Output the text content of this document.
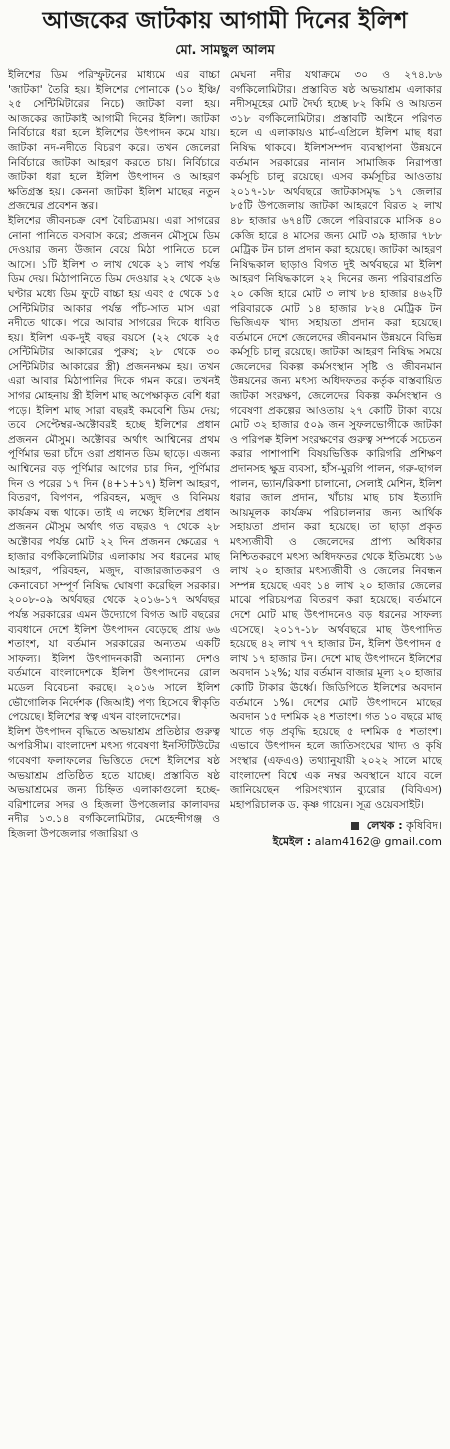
আজকের জাটকায় আগামী দিনের ইলিশ
মো. সামছুল আলম

ইলিশের ডিম পরিস্ফুটনের মাধ্যমে এর বাচ্চা 'জাটকা' তৈরি হয়। ইলিশের পোনাকে (১০ ইঞ্চি/২৫ সেন্টিমিটারের নিচে) জাটকা বলা হয়। আজকের জাটকাই আগামী দিনের ইলিশ। জাটকা নির্বিচারে ধরা হলে ইলিশের উৎপাদন কমে যায়। জাটকা নদ-নদীতে বিচরণ করে। তখন জেলেরা নির্বিচারে জাটকা আহরণ করতে চায়। নির্বিচারে জাটকা ধরা হলে ইলিশ উৎপাদন ও আহরণ ক্ষতিগ্রস্ত হয়। কেননা জাটকা ইলিশ মাছের নতুন প্রজন্মের প্রবেশন স্তর।

ইলিশের জীবনচক্র বেশ বৈচিত্র্যময়। এরা সাগরের নোনা পানিতে বসবাস করে; প্রজনন মৌসুমে ডিম দেওয়ার জন্য উজান বেয়ে মিঠা পানিতে চলে আসে। ১টি ইলিশ ৩ লাখ থেকে ২১ লাখ পর্যন্ত ডিম দেয়। মিঠাপানিতে ডিম দেওয়ার ২২ থেকে ২৬ ঘণ্টার মধ্যে ডিম ফুটে বাচ্চা হয় এবং ৫ থেকে ১৫ সেন্টিমিটার আকার পর্যন্ত পাঁচ-সাত মাস এরা নদীতে থাকে। পরে আবার সাগরের দিকে ধাবিত হয়। ইলিশ এক-দুই বছর বয়সে (২২ থেকে ২৫ সেন্টিমিটার আকারের পুরুষ; ২৮ থেকে ৩০ সেন্টিমিটার আকারের স্ত্রী) প্রজননক্ষম হয়। তখন এরা আবার মিঠাপানির দিকে গমন করে। তখনই সাগর মোহনায় স্ত্রী ইলিশ মাছ অপেক্ষাকৃত বেশি ধরা পড়ে। ইলিশ মাছ সারা বছরই কমবেশি ডিম দেয়; তবে সেপ্টেম্বর-অক্টোবরই হচ্ছে ইলিশের প্রধান প্রজনন মৌসুম। অক্টোবর অর্থাৎ আশ্বিনের প্রথম পূর্ণিমার ভরা চাঁদে ওরা প্রধানত ডিম ছাড়ে। এজন্য আশ্বিনের বড় পূর্ণিমার আগের চার দিন, পূর্ণিমার দিন ও পরের ১৭ দিন (৪+১+১৭) ইলিশ আহরণ, বিতরণ, বিপণন, পরিবহন, মজুদ ও বিনিময় কার্যক্রম বন্ধ থাকে। তাই এ লক্ষ্যে ইলিশের প্রধান প্রজনন মৌসুম অর্থাৎ গত বছরও ৭ থেকে ২৮ অক্টোবর পর্যন্ত মোট ২২ দিন প্রজনন ক্ষেত্রের ৭ হাজার বর্গকিলোমিটার এলাকায় সব ধরনের মাছ আহরণ, পরিবহন, মজুদ, বাজারজাতকরণ ও কেনাবেচা সম্পূর্ণ নিষিদ্ধ ঘোষণা করেছিল সরকার। ২০০৮-০৯ অর্থবছর থেকে ২০১৬-১৭ অর্থবছর পর্যন্ত সরকারের এমন উদ্যোগে বিগত আট বছরের ব্যবধানে দেশে ইলিশ উৎপাদন বেড়েছে প্রায় ৬৬ শতাংশ, যা বর্তমান সরকারের অন্যতম একটি সাফল্য। ইলিশ উৎপাদনকারী অন্যান্য দেশও বর্তমানে বাংলাদেশকে ইলিশ উৎপাদনের রোল মডেল বিবেচনা করছে। ২০১৬ সালে ইলিশ ভৌগোলিক নির্দেশক (জিআই) পণ্য হিসেবে স্বীকৃতি পেয়েছে। ইলিশের স্বত্ব এখন বাংলাদেশের।

ইলিশ উৎপাদন বৃদ্ধিতে অভয়াশ্রম প্রতিষ্ঠার গুরুত্ব অপরিসীম। বাংলাদেশ মৎস্য গবেষণা ইনস্টিটিউটের গবেষণা ফলাফলের ভিত্তিতে দেশে ইলিশের ষষ্ঠ অভয়াশ্রম প্রতিষ্ঠিত হতে যাচ্ছে। প্রস্তাবিত ষষ্ঠ অভয়াশ্রমের জন্য চিহ্নিত এলাকাগুলো হচ্ছে- বরিশালের সদর ও হিজলা উপজেলার কালাবদর নদীর ১৩.১৪ বর্গকিলোমিটার, মেহেন্দীগঞ্জ ও হিজলা উপজেলার গজারিয়া ও

মেঘনা নদীর যথাক্রমে ৩০ ও ২৭৪.৮৬ বর্গকিলোমিটার। প্রস্তাবিত ষষ্ঠ অভয়াশ্রম এলাকার নদীসমূহের মোট দৈর্ঘ্য হচ্ছে ৮২ কিমি ও আয়তন ৩১৮ বর্গকিলোমিটার। প্রস্তাবটি আইনে পরিণত হলে এ এলাকায়ও মার্চ-এপ্রিলে ইলিশ মাছ ধরা নিষিদ্ধ থাকবে। ইলিশসম্পদ ব্যবস্থাপনা উন্নয়নে বর্তমান সরকারের নানান সামাজিক নিরাপত্তা কর্মসূচি চালু রয়েছে। এসব কর্মসূচির আওতায় ২০১৭-১৮ অর্থবছরে জাটকাসমৃদ্ধ ১৭ জেলার ৮৫টি উপজেলায় জাটকা আহরণে বিরত ২ লাখ ৪৮ হাজার ৬৭৪টি জেলে পরিবারকে মাসিক ৪০ কেজি হারে ৪ মাসের জন্য মোট ৩৯ হাজার ৭৮৮ মেট্রিক টন চাল প্রদান করা হয়েছে। জাটকা আহরণ নিষিদ্ধকাল ছাড়াও বিগত দুই অর্থবছরে মা ইলিশ আহরণ নিষিদ্ধকালে ২২ দিনের জন্য পরিবারপ্রতি ২০ কেজি হারে মোট ৩ লাখ ৮৪ হাজার ৪৬২টি পরিবারকে মোট ১৪ হাজার ৮২৪ মেট্রিক টন ভিজিএফ খাদ্য সহায়তা প্রদান করা হয়েছে। বর্তমানে দেশে জেলেদের জীবনমান উন্নয়নে বিভিন্ন কর্মসূচি চালু রয়েছে। জাটকা আহরণ নিষিদ্ধ সময়ে জেলেদের বিকল্প কর্মসংস্থান সৃষ্টি ও জীবনমান উন্নয়নের জন্য মৎস্য অধিদফতর কর্তৃক বাস্তবায়িত জাটকা সংরক্ষণ, জেলেদের বিকল্প কর্মসংস্থান ও গবেষণা প্রকল্পের আওতায় ২৭ কোটি টাকা ব্যয়ে মোট ৩২ হাজার ৫০৯ জন সুফলভোগীকে জাটকা ও পরিপক্ব ইলিশ সংরক্ষণের গুরুত্ব সম্পর্কে সচেতন করার পাশাপাশি বিষয়ভিত্তিক কারিগরি প্রশিক্ষণ প্রদানসহ ক্ষুদ্র ব্যবসা, হাঁস-মুরগি পালন, গরু-ছাগল পালন, ভ্যান/রিকশা চালানো, সেলাই মেশিন, ইলিশ ধরার জাল প্রদান, খাঁচায় মাছ চাষ ইত্যাদি আয়মূলক কার্যক্রম পরিচালনার জন্য আর্থিক সহায়তা প্রদান করা হয়েছে। তা ছাড়া প্রকৃত মৎস্যজীবী ও জেলেদের প্রাপ্য অধিকার নিশ্চিতকরণে মৎস্য অধিদফতর থেকে ইতিমধ্যে ১৬ লাখ ২০ হাজার মৎস্যজীবী ও জেলের নিবন্ধন সম্পন্ন হয়েছে এবং ১৪ লাখ ২০ হাজার জেলের মাঝে পরিচয়পত্র বিতরণ করা হয়েছে। বর্তমানে দেশে মোট মাছ উৎপাদনেও বড় ধরনের সাফল্য এসেছে। ২০১৭-১৮ অর্থবছরে মাছ উৎপাদিত হয়েছে ৪২ লাখ ৭৭ হাজার টন, ইলিশ উৎপাদন ৫ লাখ ১৭ হাজার টন। দেশে মাছ উৎপাদনে ইলিশের অবদান ১২%; যার বর্তমান বাজার মূল্য ২০ হাজার কোটি টাকার ঊর্ধ্বে। জিডিপিতে ইলিশের অবদান বর্তমানে ১%। দেশের মোট উৎপাদনে মাছের অবদান ১৫ দশমিক ২৪ শতাংশ। গত ১০ বছরে মাছ খাতে গড় প্রবৃদ্ধি হয়েছে ৫ দশমিক ৫ শতাংশ। এভাবে উৎপাদন হলে জাতিসংঘের খাদ্য ও কৃষি সংস্থার (এফএও) তথ্যানুযায়ী ২০২২ সালে মাছে বাংলাদেশ বিশ্বে এক নম্বর অবস্থানে যাবে বলে জানিয়েছেন পরিসংখ্যান ব্যুরোর (বিবিএস) মহাপরিচালক ড. কৃষ্ণ গায়েন। সূত্র ওয়েবসাইট।

লেখক : কৃষিবিদ।
ইমেইল : alam4162@ gmail.com
